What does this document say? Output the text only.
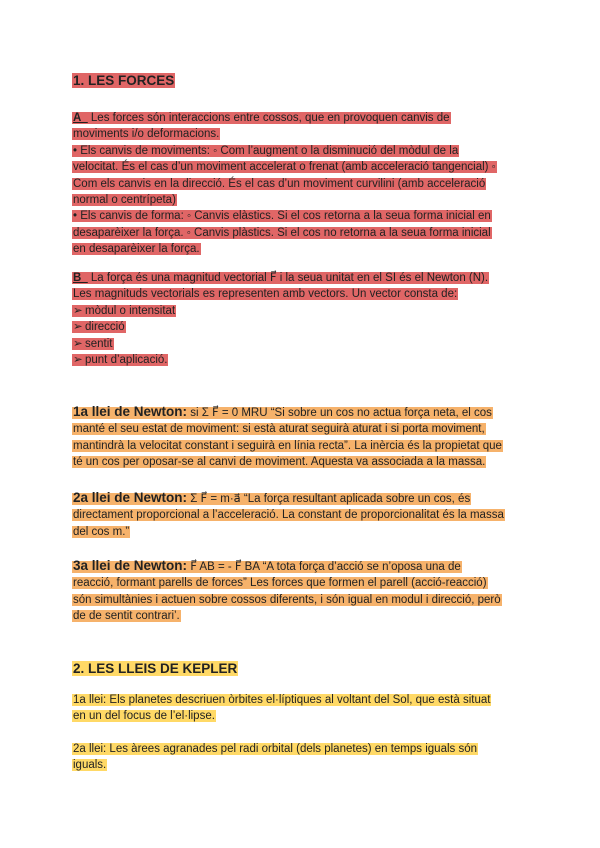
1. LES FORCES
A_ Les forces són interaccions entre cossos, que en provoquen canvis de
moviments i/o deformacions.
• Els canvis de moviments: ◦ Com l’augment o la disminució del mòdul de la
velocitat. És el cas d’un moviment accelerat o frenat (amb acceleració tangencial) ◦
Com els canvis en la direcció. És el cas d’un moviment curvilini (amb acceleració
normal o centrípeta)
• Els canvis de forma: ◦ Canvis elàstics. Si el cos retorna a la seua forma inicial en
desaparèixer la força. ◦ Canvis plàstics. Si el cos no retorna a la seua forma inicial
en desaparèixer la força.
B_ La força és una magnitud vectorial F⃗ i la seua unitat en el SI és el Newton (N).
Les magnituds vectorials es representen amb vectors. Un vector consta de:
➢ mòdul o intensitat
➢ direcció
➢ sentit
➢ punt d’aplicació.
1a llei de Newton: si Σ F⃗ = 0 MRU “Si sobre un cos no actua força neta, el cos
manté el seu estat de moviment: si està aturat seguirà aturat i si porta moviment,
mantindrà la velocitat constant i seguirà en línia recta”. La inèrcia és la propietat que
té un cos per oposar-se al canvi de moviment. Aquesta va associada a la massa.
2a llei de Newton: Σ F⃗ = m·a⃗ “La força resultant aplicada sobre un cos, és
directament proporcional a l’acceleració. La constant de proporcionalitat és la massa
del cos m.”
3a llei de Newton: F⃗ AB = - F⃗ BA “A tota força d’acció se n’oposa una de
reacció, formant parells de forces” Les forces que formen el parell (acció-reacció)
són simultànies i actuen sobre cossos diferents, i són igual en modul i direcció, però
de de sentit contrari’.
2. LES LLEIS DE KEPLER
1a llei: Els planetes descriuen òrbites el·líptiques al voltant del Sol, que està situat
en un del focus de l’el·lipse.
2a llei: Les àrees agranades pel radi orbital (dels planetes) en temps iguals són
iguals.
